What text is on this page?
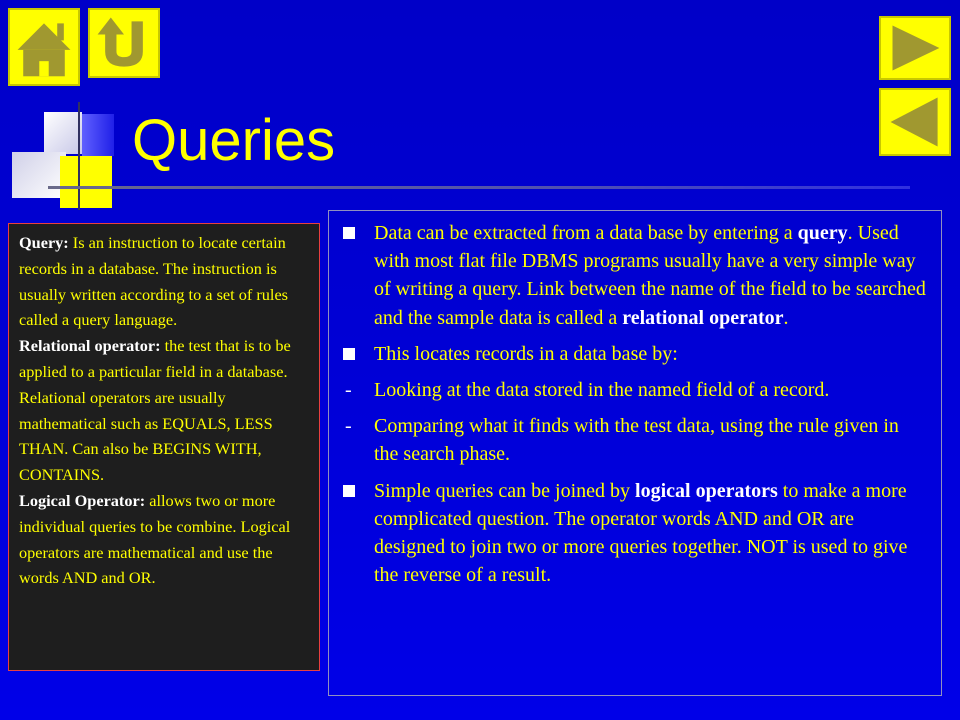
Queries

Query: Is an instruction to locate certain records in a database. The instruction is usually written according to a set of rules called a query language.

Relational operator: the test that is to be applied to a particular field in a database. Relational operators are usually mathematical such as EQUALS, LESS THAN. Can also be BEGINS WITH, CONTAINS.

Logical Operator: allows two or more individual queries to be combine. Logical operators are mathematical and use the words AND and OR.

Data can be extracted from a data base by entering a query. Used with most flat file DBMS programs usually have a very simple way of writing a query. Link between the name of the field to be searched and the sample data is called a relational operator.
This locates records in a data base by:
-	Looking at the data stored in the named field of a record.
-	Comparing what it finds with the test data, using the rule given in the search phase.
Simple queries can be joined by logical operators to make a more complicated question. The operator words AND and OR are designed to join two or more queries together. NOT is used to give the reverse of a result.
